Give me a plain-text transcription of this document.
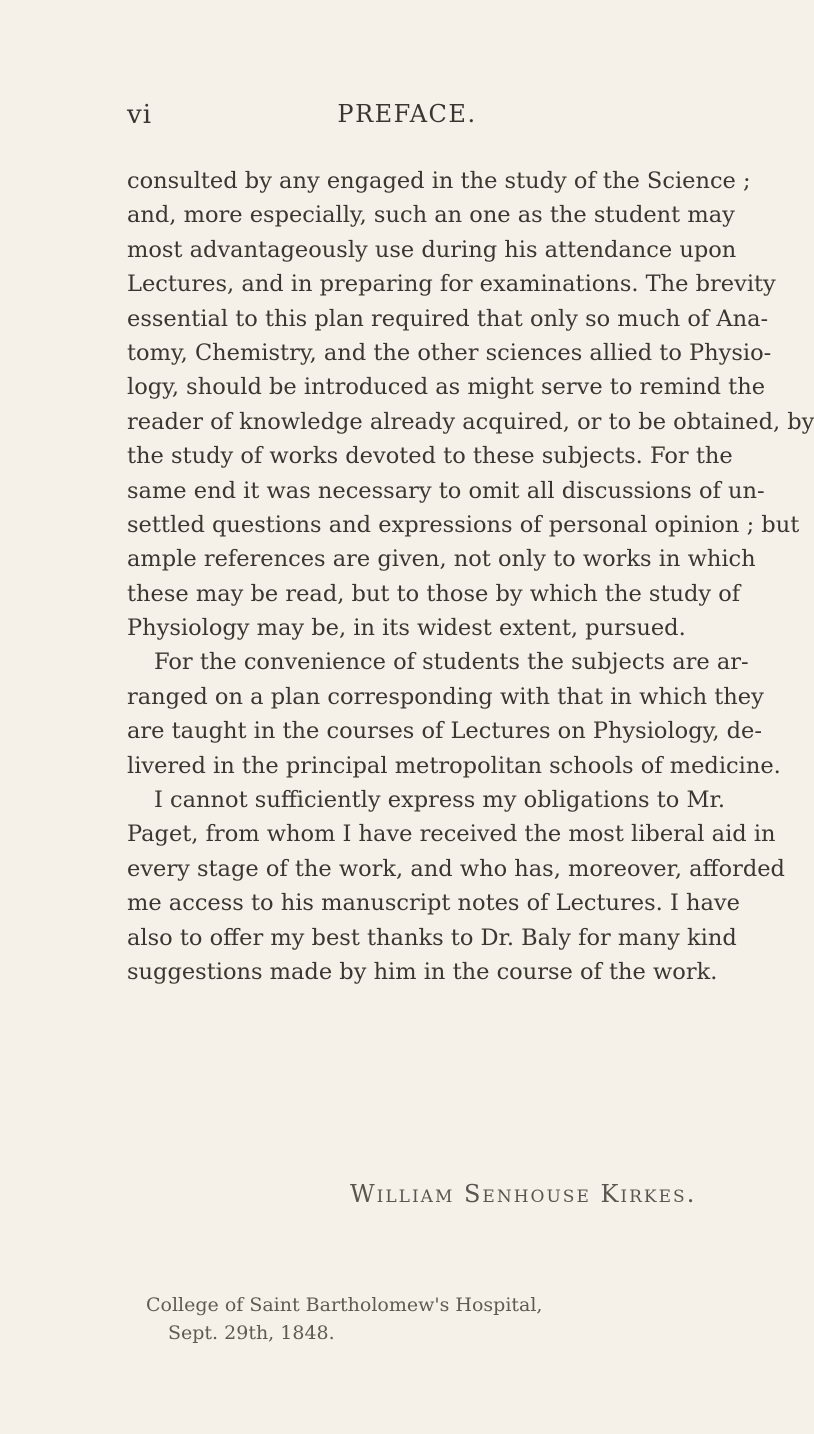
vi	PREFACE.
consulted by any engaged in the study of the Science ;
and, more especially, such an one as the student may
most advantageously use during his attendance upon
Lectures, and in preparing for examinations. The brevity
essential to this plan required that only so much of Ana-
tomy, Chemistry, and the other sciences allied to Physio-
logy, should be introduced as might serve to remind the
reader of knowledge already acquired, or to be obtained, by
the study of works devoted to these subjects. For the
same end it was necessary to omit all discussions of un-
settled questions and expressions of personal opinion ; but
ample references are given, not only to works in which
these may be read, but to those by which the study of
Physiology may be, in its widest extent, pursued.
For the convenience of students the subjects are ar-
ranged on a plan corresponding with that in which they
are taught in the courses of Lectures on Physiology, de-
livered in the principal metropolitan schools of medicine.
I cannot sufficiently express my obligations to Mr.
Paget, from whom I have received the most liberal aid in
every stage of the work, and who has, moreover, afforded
me access to his manuscript notes of Lectures. I have
also to offer my best thanks to Dr. Baly for many kind
suggestions made by him in the course of the work.
William Senhouse Kirkes.
College of Saint Bartholomew's Hospital,
Sept. 29th, 1848.
